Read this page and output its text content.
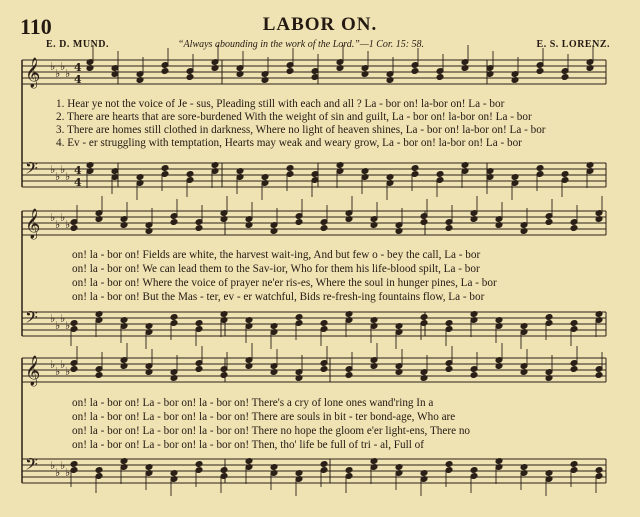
𝄞 ♭
♭
♭
♭ 4
4
𝄢 ♭
♭
♭
♭ 4
4
𝄞 ♭
♭
♭
♭
𝄢 ♭
♭
♭
♭
𝄞 ♭
♭
♭
♭
𝄢 ♭
♭
♭
♭
110	LABOR ON.
E. D. MUND.	“Always abounding in the work of the Lord.”—1 Cor. 15: 58.	E. S. LORENZ.
1. Hear ye not the voice of Je - sus, Pleading still with each and all ? La - bor on! la-bor on! La - bor
2. There are hearts that are sore-burdened With the weight of sin and guilt, La - bor on! la-bor on! La - bor
3. There are homes still clothed in darkness, Where no light of heaven shines, La - bor on! la-bor on! La - bor
4. Ev - er struggling with temptation, Hearts may weak and weary grow, La - bor on! la-bor on! La - bor
on! la - bor on! Fields are white, the harvest wait-ing, And but few o - bey the call, La - bor
on! la - bor on! We can lead them to the Sav-ior, Who for them his life-blood spilt, La - bor
on! la - bor on! Where the voice of prayer ne'er ris-es, Where the soul in hunger pines, La - bor
on! la - bor on! But the Mas - ter, ev - er watchful, Bids re-fresh-ing fountains flow, La - bor
on! la - bor on! La - bor on! la - bor on! There's a cry of lone ones wand'ring In a
on! la - bor on! La - bor on! la - bor on! There are souls in bit - ter bond-age, Who are
on! la - bor on! La - bor on! la - bor on! There no hope the gloom e'er light-ens, There no
on! la - bor on! La - bor on! la - bor on! Then, tho' life be full of tri - al, Full of
